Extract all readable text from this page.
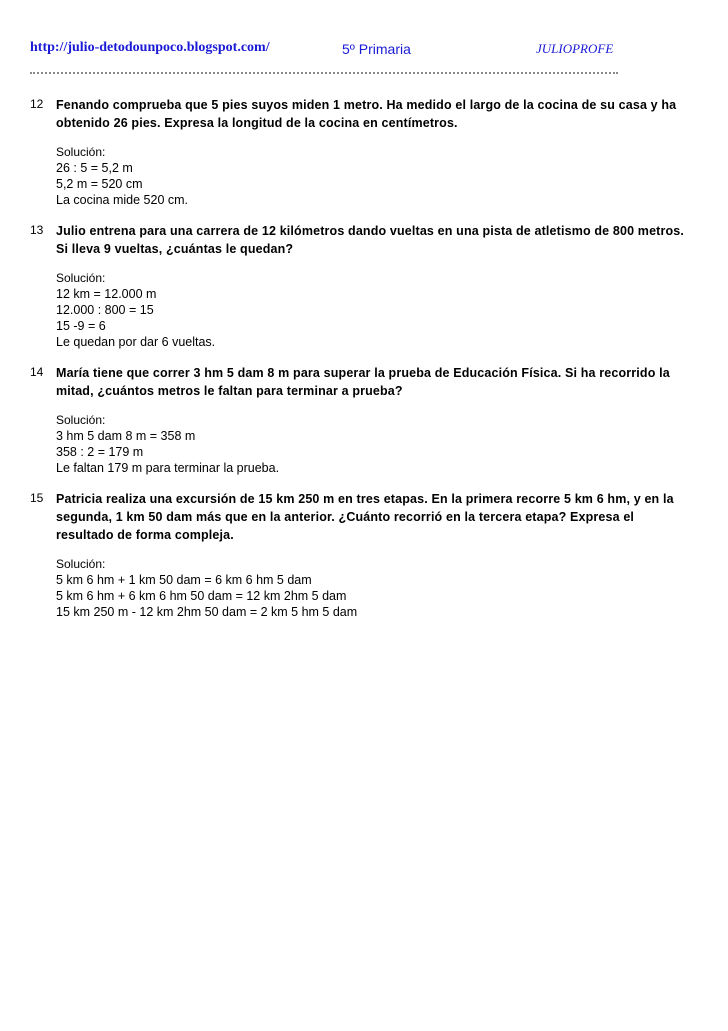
http://julio-detodounpoco.blogspot.com/	5º Primaria	JULIOPROFE
12 Fenando comprueba que 5 pies suyos miden 1 metro. Ha medido el largo de la cocina de su casa y ha obtenido 26 pies. Expresa la longitud de la cocina en centímetros.

Solución:

26 : 5 = 5,2 m

5,2 m = 520 cm

La cocina mide 520 cm.

13 Julio entrena para una carrera de 12 kilómetros dando vueltas en una pista de atletismo de 800 metros. Si lleva 9 vueltas, ¿cuántas le quedan?

Solución:

12 km = 12.000 m

12.000 : 800 = 15

15 -9 = 6

Le quedan por dar 6 vueltas.

14 María tiene que correr 3 hm 5 dam 8 m para superar la prueba de Educación Física. Si ha recorrido la mitad, ¿cuántos metros le faltan para terminar a prueba?

Solución:

3 hm 5 dam 8 m = 358 m

358 : 2 = 179 m

Le faltan 179 m para terminar la prueba.

15 Patricia realiza una excursión de 15 km 250 m en tres etapas. En la primera recorre 5 km 6 hm, y en la segunda, 1 km 50 dam más que en la anterior. ¿Cuánto recorrió en la tercera etapa? Expresa el resultado de forma compleja.

Solución:

5 km 6 hm + 1 km 50 dam = 6 km 6 hm 5 dam

5 km 6 hm + 6 km 6 hm 50 dam = 12 km 2hm 5 dam

15 km 250 m - 12 km 2hm 50 dam = 2 km 5 hm 5 dam
